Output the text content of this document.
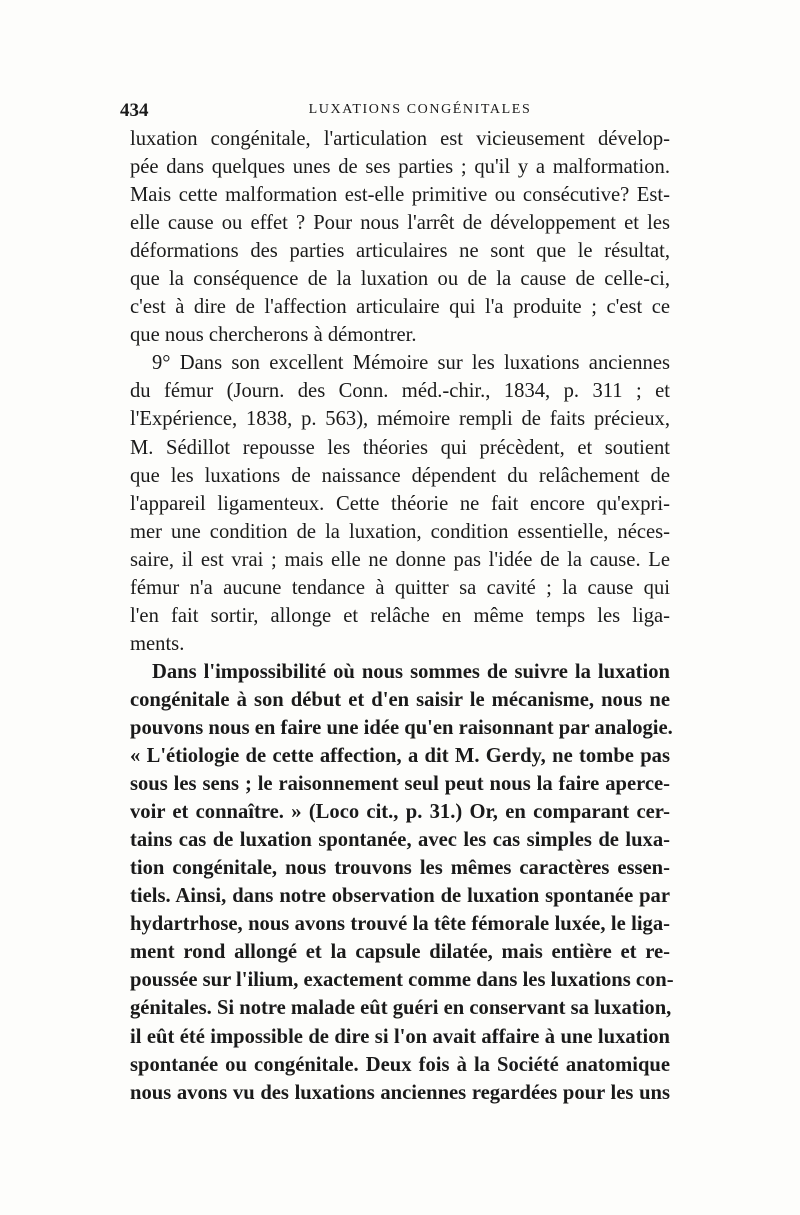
434	LUXATIONS CONGÉNITALES
luxation congénitale, l'articulation est vicieusement dévelop-
pée dans quelques unes de ses parties ; qu'il y a malformation.
Mais cette malformation est-elle primitive ou consécutive? Est-
elle cause ou effet ? Pour nous l'arrêt de développement et les
déformations des parties articulaires ne sont que le résultat,
que la conséquence de la luxation ou de la cause de celle-ci,
c'est à dire de l'affection articulaire qui l'a produite ; c'est ce
que nous chercherons à démontrer.
9° Dans son excellent Mémoire sur les luxations anciennes
du fémur (Journ. des Conn. méd.-chir., 1834, p. 311 ; et
l'Expérience, 1838, p. 563), mémoire rempli de faits précieux,
M. Sédillot repousse les théories qui précèdent, et soutient
que les luxations de naissance dépendent du relâchement de
l'appareil ligamenteux. Cette théorie ne fait encore qu'expri-
mer une condition de la luxation, condition essentielle, néces-
saire, il est vrai ; mais elle ne donne pas l'idée de la cause. Le
fémur n'a aucune tendance à quitter sa cavité ; la cause qui
l'en fait sortir, allonge et relâche en même temps les liga-
ments.
Dans l'impossibilité où nous sommes de suivre la luxation
congénitale à son début et d'en saisir le mécanisme, nous ne
pouvons nous en faire une idée qu'en raisonnant par analogie.
« L'étiologie de cette affection, a dit M. Gerdy, ne tombe pas
sous les sens ; le raisonnement seul peut nous la faire aperce-
voir et connaître. » (Loco cit., p. 31.) Or, en comparant cer-
tains cas de luxation spontanée, avec les cas simples de luxa-
tion congénitale, nous trouvons les mêmes caractères essen-
tiels. Ainsi, dans notre observation de luxation spontanée par
hydartrhose, nous avons trouvé la tête fémorale luxée, le liga-
ment rond allongé et la capsule dilatée, mais entière et re-
poussée sur l'ilium, exactement comme dans les luxations con-
génitales. Si notre malade eût guéri en conservant sa luxation,
il eût été impossible de dire si l'on avait affaire à une luxation
spontanée ou congénitale. Deux fois à la Société anatomique
nous avons vu des luxations anciennes regardées pour les uns
